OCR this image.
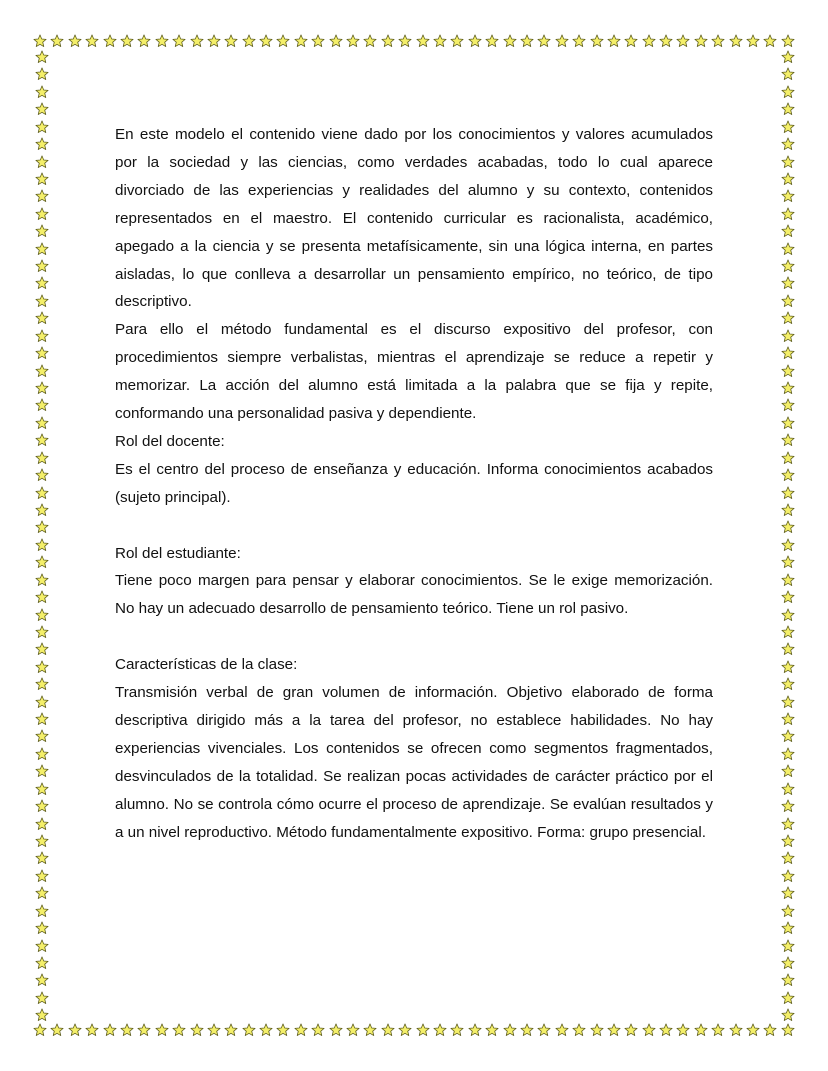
En este modelo el contenido viene dado por los conocimientos y valores acumulados por la sociedad y las ciencias, como verdades acabadas, todo lo cual aparece divorciado de las experiencias y realidades del alumno y su contexto, contenidos representados en el maestro. El contenido curricular es racionalista, académico, apegado a la ciencia y se presenta metafísicamente, sin una lógica interna, en partes aisladas, lo que conlleva a desarrollar un pensamiento empírico, no teórico, de tipo descriptivo.

Para ello el método fundamental es el discurso expositivo del profesor, con procedimientos siempre verbalistas, mientras el aprendizaje se reduce a repetir y memorizar. La acción del alumno está limitada a la palabra que se fija y repite, conformando una personalidad pasiva y dependiente.

Rol del docente:

Es el centro del proceso de enseñanza y educación. Informa conocimientos acabados (sujeto principal).

Rol del estudiante:

Tiene poco margen para pensar y elaborar conocimientos. Se le exige memorización. No hay un adecuado desarrollo de pensamiento teórico. Tiene un rol pasivo.

Características de la clase:

Transmisión verbal de gran volumen de información. Objetivo elaborado de forma descriptiva dirigido más a la tarea del profesor, no establece habilidades. No hay experiencias vivenciales. Los contenidos se ofrecen como segmentos fragmentados, desvinculados de la totalidad. Se realizan pocas actividades de carácter práctico por el alumno. No se controla cómo ocurre el proceso de aprendizaje. Se evalúan resultados y a un nivel reproductivo. Método fundamentalmente expositivo. Forma: grupo presencial.
